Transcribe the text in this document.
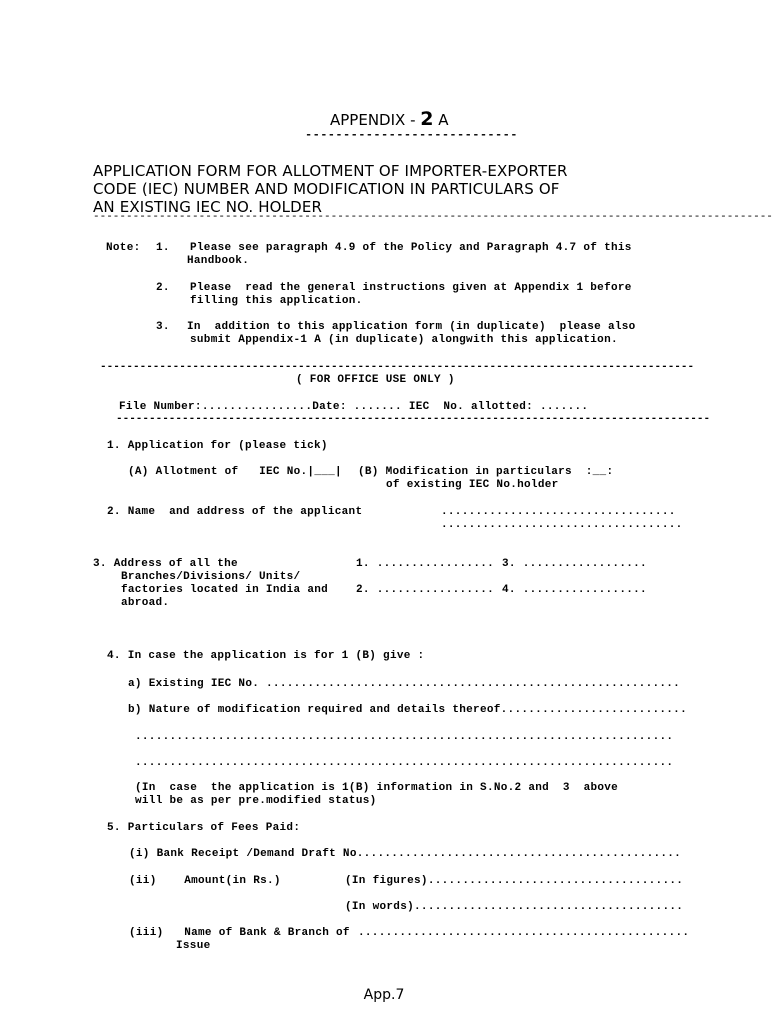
APPENDIX - 2 A
----------------------------
APPLICATION FORM FOR ALLOTMENT OF IMPORTER-EXPORTER
CODE (IEC) NUMBER AND MODIFICATION IN PARTICULARS OF
AN EXISTING IEC NO. HOLDER
-------------------------------------------------------------------------------------------------------
Note: 1. Please see paragraph 4.9 of the Policy and Paragraph 4.7 of this
Handbook.
2. Please  read the general instructions given at Appendix 1 before
filling this application.
3. In  addition to this application form (in duplicate)  please also
submit Appendix-1 A (in duplicate) alongwith this application.
------------------------------------------------------------------------------------------
( FOR OFFICE USE ONLY )
File Number:................Date: ....... IEC  No. allotted: .......
------------------------------------------------------------------------------------------
1. Application for (please tick)
(A) Allotment of   IEC No.|___| (B) Modification in particulars  :__:
of existing IEC No.holder
2. Name  and address of the applicant	..................................
...................................
3. Address of all the
Branches/Divisions/ Units/
factories located in India and
abroad.
1. ................. 3. ..................
2. ................. 4. ..................
4. In case the application is for 1 (B) give :
a) Existing IEC No. ............................................................
b) Nature of modification required and details thereof...........................
..............................................................................
..............................................................................
(In  case  the application is 1(B) information in S.No.2 and  3  above
will be as per pre.modified status)
5. Particulars of Fees Paid:
(i) Bank Receipt /Demand Draft No...............................................
(ii)    Amount(in Rs.)	(In figures).....................................
(In words).......................................
(iii)   Name of Bank & Branch of
Issue
................................................
App.7
